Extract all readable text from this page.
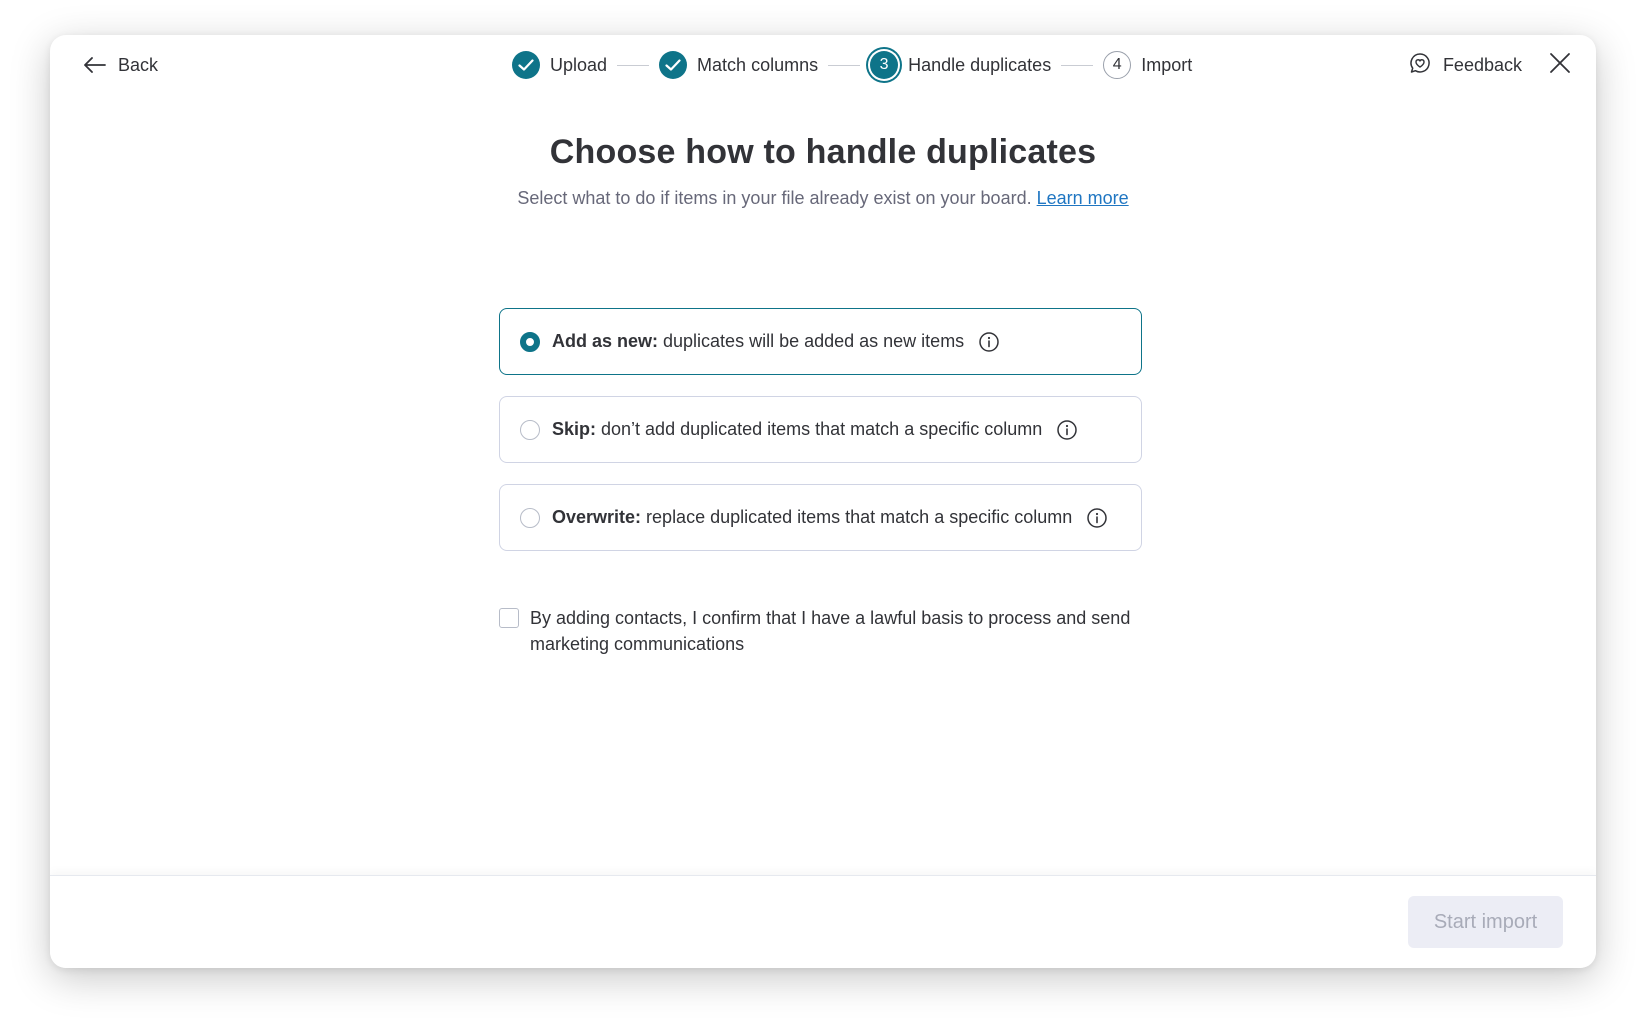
Back	Upload	Match columns	3	Handle duplicates	4	Import	Feedback
Choose how to handle duplicates
Select what to do if items in your file already exist on your board. Learn more
Add as new: duplicates will be added as new items
Skip: don’t add duplicated items that match a specific column
Overwrite: replace duplicated items that match a specific column
By adding contacts, I confirm that I have a lawful basis to process and send marketing communications
Start import
